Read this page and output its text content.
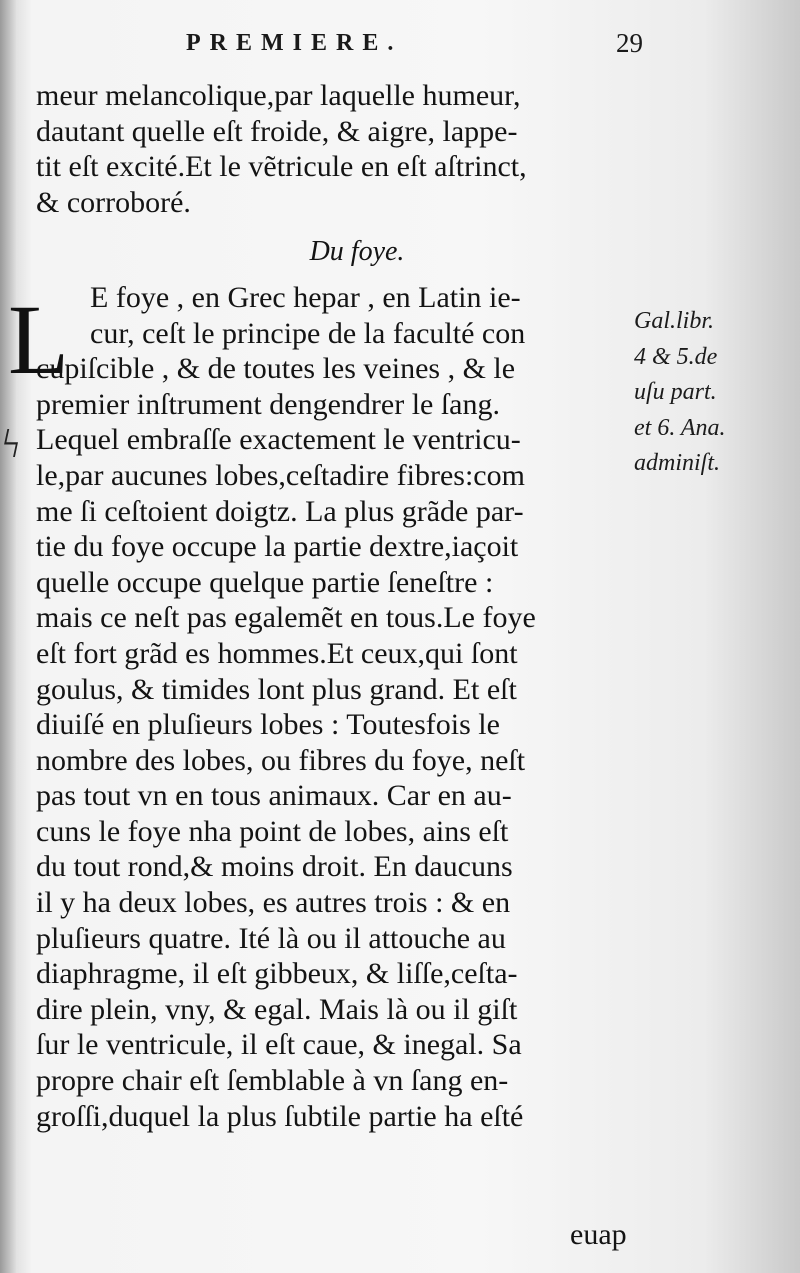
PREMIERE.	29
ϟ
meur melancolique,par laquelle humeur,
dautant quelle eſt froide, & aigre, lappe-
tit eſt excité.Et le vẽtricule en eſt aſtrinct,
& corroboré.
Du foye.
E foye , en Grec hepar , en Latin ie-
cur, ceſt le principe de la faculté con
cupiſcible , & de toutes les veines , & le
premier inſtrument dengendrer le ſang.
Lequel embraſſe exactement le ventricu-
le,par aucunes lobes,ceſtadire fibres:com
me ſi ceſtoient doigtz. La plus grãde par-
tie du foye occupe la partie dextre,iaçoit
quelle occupe quelque partie ſeneſtre :
mais ce neſt pas egalemẽt en tous.Le foye
eſt fort grãd es hommes.Et ceux,qui ſont
goulus, & timides lont plus grand. Et eſt
diuiſé en pluſieurs lobes : Toutesfois le
nombre des lobes, ou fibres du foye, neſt
pas tout vn en tous animaux. Car en au-
cuns le foye nha point de lobes, ains eſt
du tout rond,& moins droit. En daucuns
il y ha deux lobes, es autres trois : & en
pluſieurs quatre. Ité là ou il attouche au
diaphragme, il eſt gibbeux, & liſſe,ceſta-
dire plein, vny, & egal. Mais là ou il giſt
ſur le ventricule, il eſt caue, & inegal. Sa
propre chair eſt ſemblable à vn ſang en-
groſſi,duquel la plus ſubtile partie ha eſté
L	Gal.libr.
4 & 5.de
uſu part.
et 6. Ana.
adminiſt.
euap
